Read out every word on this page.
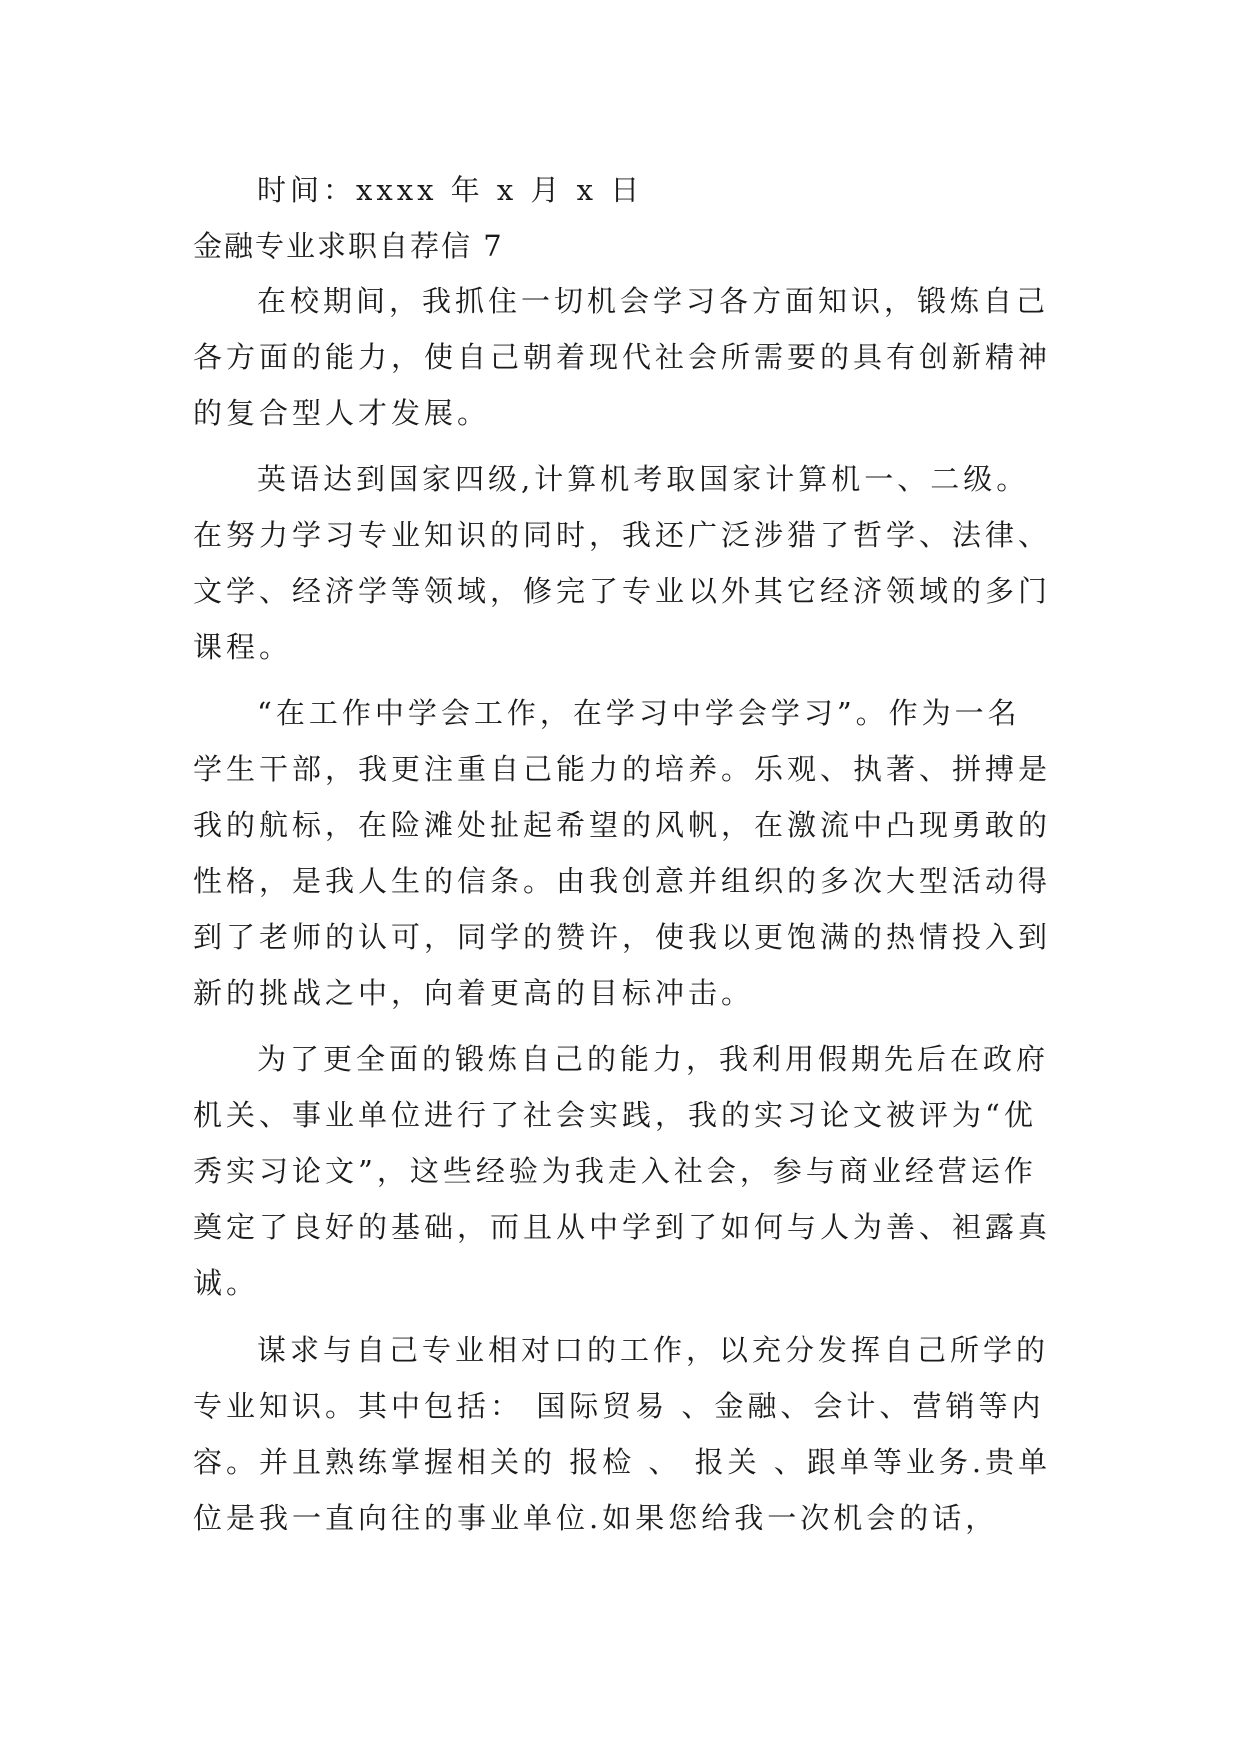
时间：xxxx 年 x 月 x 日

金融专业求职自荐信 7

在校期间，我抓住一切机会学习各方面知识，锻炼自己各方面的能力，使自己朝着现代社会所需要的具有创新精神的复合型人才发展。

英语达到国家四级,计算机考取国家计算机一、二级。在努力学习专业知识的同时，我还广泛涉猎了哲学、法律、文学、经济学等领域，修完了专业以外其它经济领域的多门课程。

“在工作中学会工作，在学习中学会学习”。作为一名学生干部，我更注重自己能力的培养。乐观、执著、拼搏是我的航标，在险滩处扯起希望的风帆，在激流中凸现勇敢的性格，是我人生的信条。由我创意并组织的多次大型活动得到了老师的认可，同学的赞许，使我以更饱满的热情投入到新的挑战之中，向着更高的目标冲击。

为了更全面的锻炼自己的能力，我利用假期先后在政府机关、事业单位进行了社会实践，我的实习论文被评为“优秀实习论文”，这些经验为我走入社会，参与商业经营运作奠定了良好的基础，而且从中学到了如何与人为善、袒露真诚。

谋求与自己专业相对口的工作，以充分发挥自己所学的专业知识。其中包括： 国际贸易 、金融、会计、营销等内容。并且熟练掌握相关的 报检 、 报关 、跟单等业务.贵单位是我一直向往的事业单位.如果您给我一次机会的话，
